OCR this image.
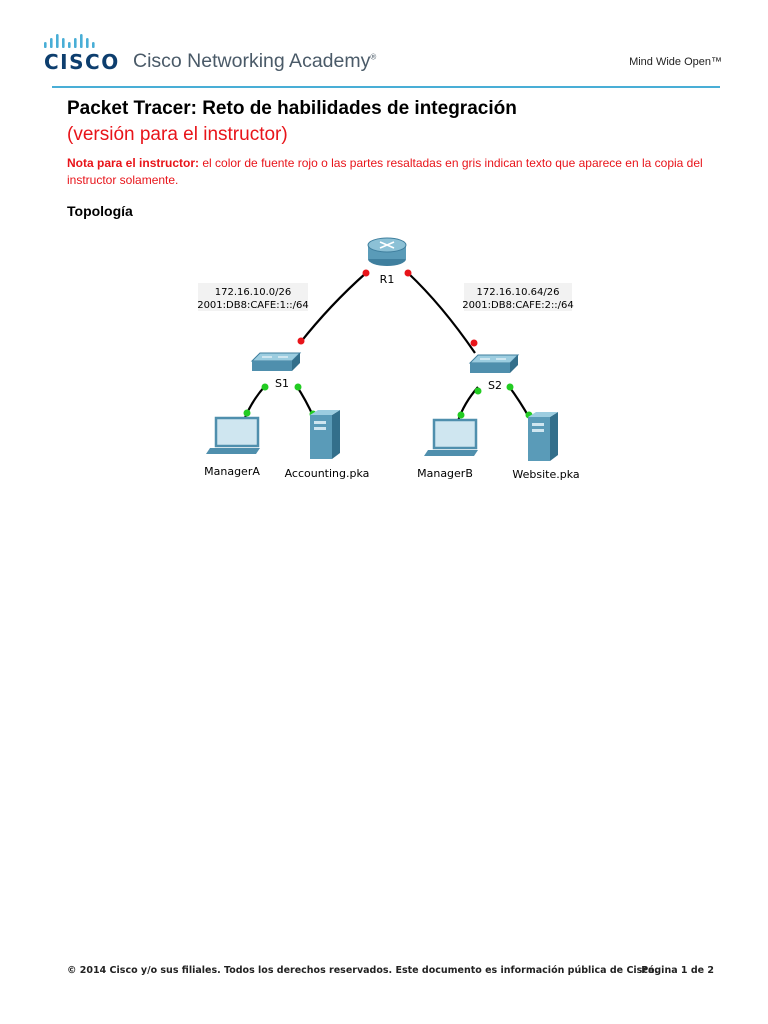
CISCO Cisco Networking Academy®	Mind Wide Open™
Packet Tracer: Reto de habilidades de integración
(versión para el instructor)
Nota para el instructor: el color de fuente rojo o las partes resaltadas en gris indican texto que aparece en la copia del instructor solamente.
Topología
172.16.10.0/26
2001:DB8:CAFE:1::/64
172.16.10.64/26
2001:DB8:CAFE:2::/64
R1
S1	S2
ManagerA Accounting.pka	ManagerB	Website.pka
© 2014 Cisco y/o sus filiales. Todos los derechos reservados. Este documento es información pública de Cisco.
Página 1 de 2
